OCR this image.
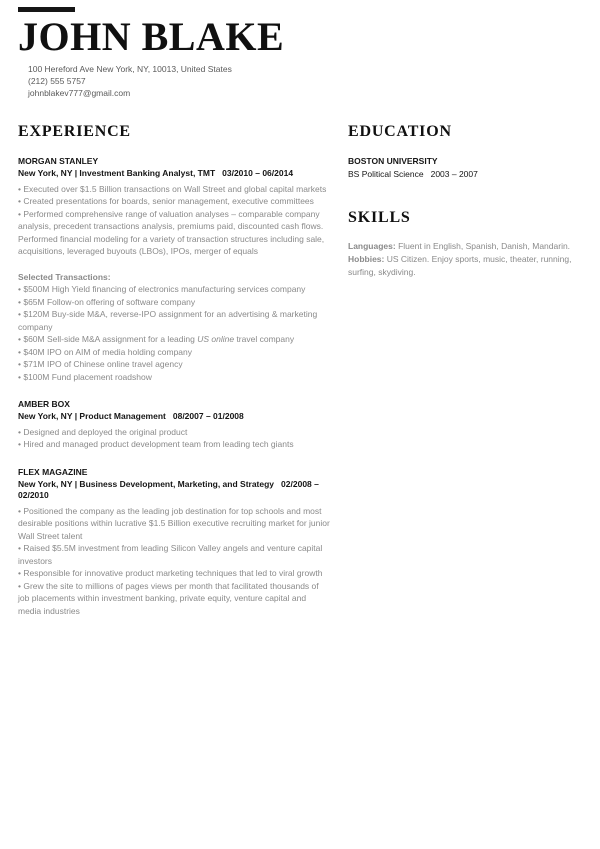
JOHN BLAKE
100 Hereford Ave New York, NY, 10013, United States
(212) 555 5757
johnblakev777@gmail.com
EXPERIENCE
MORGAN STANLEY
New York, NY | Investment Banking Analyst, TMT 03/2010 – 06/2014
• Executed over $1.5 Billion transactions on Wall Street and global capital markets
• Created presentations for boards, senior management, executive committees
• Performed comprehensive range of valuation analyses – comparable company analysis, precedent transactions analysis, premiums paid, discounted cash flows. Performed financial modeling for a variety of transaction structures including sale, acquisitions, leveraged buyouts (LBOs), IPOs, merger of equals
Selected Transactions:
• $500M High Yield financing of electronics manufacturing services company
• $65M Follow-on offering of software company
• $120M Buy-side M&A, reverse-IPO assignment for an advertising & marketing company
• $60M Sell-side M&A assignment for a leading US online travel company
• $40M IPO on AIM of media holding company
• $71M IPO of Chinese online travel agency
• $100M Fund placement roadshow
AMBER BOX
New York, NY | Product Management 08/2007 – 01/2008
• Designed and deployed the original product
• Hired and managed product development team from leading tech giants
FLEX MAGAZINE
New York, NY | Business Development, Marketing, and Strategy 02/2008 – 02/2010
• Positioned the company as the leading job destination for top schools and most desirable positions within lucrative $1.5 Billion executive recruiting market for junior Wall Street talent
• Raised $5.5M investment from leading Silicon Valley angels and venture capital investors
• Responsible for innovative product marketing techniques that led to viral growth
• Grew the site to millions of pages views per month that facilitated thousands of job placements within investment banking, private equity, venture capital and media industries
EDUCATION
BOSTON UNIVERSITY
BS Political Science 2003 – 2007
SKILLS
Languages: Fluent in English, Spanish, Danish, Mandarin.
Hobbies: US Citizen. Enjoy sports, music, theater, running, surfing, skydiving.
